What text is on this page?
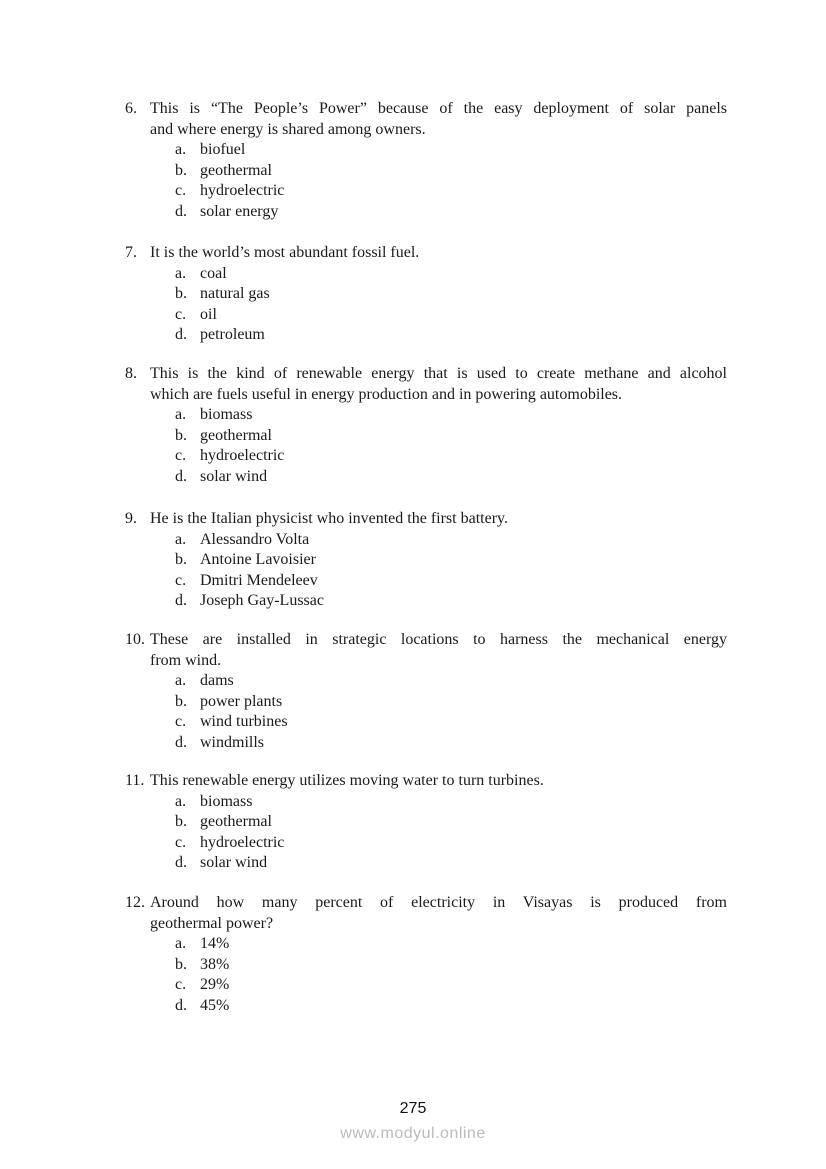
6. This is “The People’s Power” because of the easy deployment of solar panels
and where energy is shared among owners.
a. biofuel
b. geothermal
c. hydroelectric
d. solar energy
7. It is the world’s most abundant fossil fuel.
a. coal
b. natural gas
c. oil
d. petroleum
8. This is the kind of renewable energy that is used to create methane and alcohol
which are fuels useful in energy production and in powering automobiles.
a. biomass
b. geothermal
c. hydroelectric
d. solar wind
9. He is the Italian physicist who invented the first battery.
a. Alessandro Volta
b. Antoine Lavoisier
c. Dmitri Mendeleev
d. Joseph Gay-Lussac
10. These are installed in strategic locations to harness the mechanical energy
from wind.
a. dams
b. power plants
c. wind turbines
d. windmills
11. This renewable energy utilizes moving water to turn turbines.
a. biomass
b. geothermal
c. hydroelectric
d. solar wind
12. Around how many percent of electricity in Visayas is produced from
geothermal power?
a. 14%
b. 38%
c. 29%
d. 45%
275
www.modyul.online
